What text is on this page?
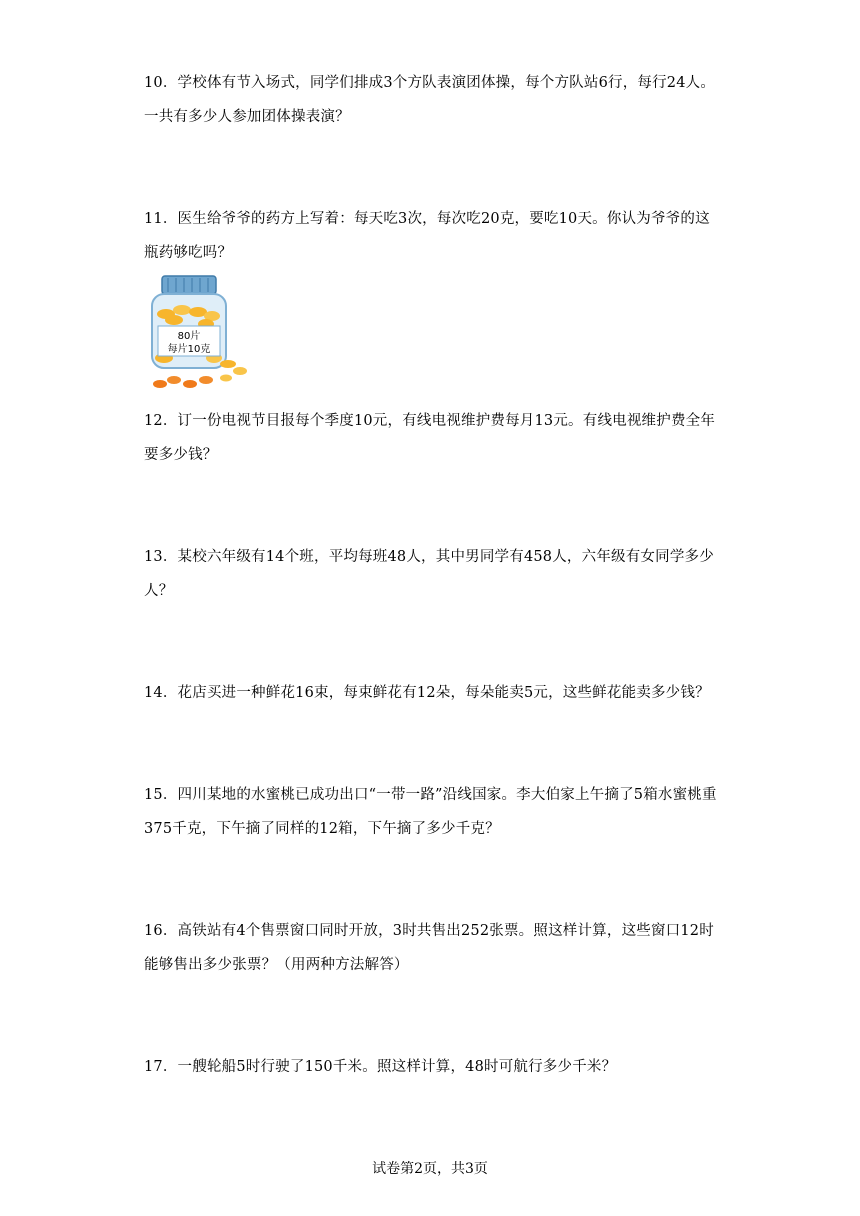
10．学校体有节入场式，同学们排成3个方队表演团体操，每个方队站6行，每行24人。一共有多少人参加团体操表演？
11．医生给爷爷的药方上写着：每天吃3次，每次吃20克，要吃10天。你认为爷爷的这瓶药够吃吗？
80片
每片10克
12．订一份电视节目报每个季度10元，有线电视维护费每月13元。有线电视维护费全年要多少钱？
13．某校六年级有14个班，平均每班48人，其中男同学有458人，六年级有女同学多少人？
14．花店买进一种鲜花16束，每束鲜花有12朵，每朵能卖5元，这些鲜花能卖多少钱？
15．四川某地的水蜜桃已成功出口“一带一路”沿线国家。李大伯家上午摘了5箱水蜜桃重375千克，下午摘了同样的12箱，下午摘了多少千克？
16．高铁站有4个售票窗口同时开放，3时共售出252张票。照这样计算，这些窗口12时能够售出多少张票？（用两种方法解答）
17．一艘轮船5时行驶了150千米。照这样计算，48时可航行多少千米？
试卷第2页，共3页
